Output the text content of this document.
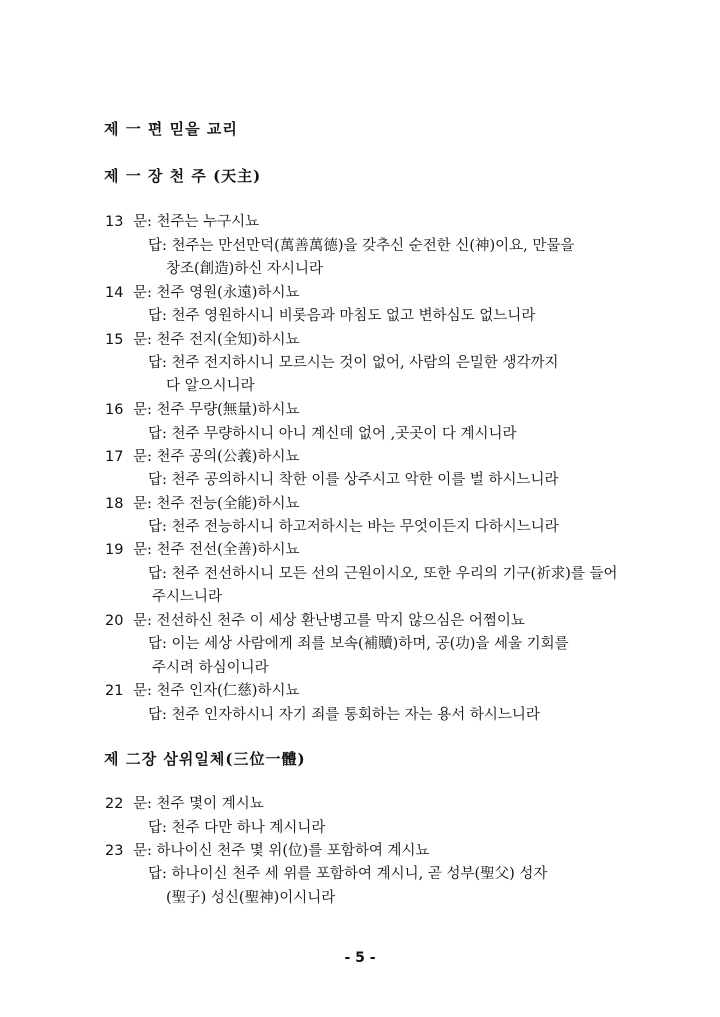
제 一 편 믿을 교리
제 一 장 천 주 (天主)
13 문: 천주는 누구시뇨
답: 천주는 만선만덕(萬善萬德)을 갖추신 순전한 신(神)이요, 만물을
창조(創造)하신 자시니라
14 문: 천주 영원(永遠)하시뇨
답: 천주 영원하시니 비롯음과 마침도 없고 변하심도 없느니라
15 문: 천주 전지(全知)하시뇨
답: 천주 전지하시니 모르시는 것이 없어, 사람의 은밀한 생각까지
다 알으시니라
16 문: 천주 무량(無量)하시뇨
답: 천주 무량하시니 아니 계신데 없어 ,곳곳이 다 계시니라
17 문: 천주 공의(公義)하시뇨
답: 천주 공의하시니 착한 이를 상주시고 악한 이를 벌 하시느니라
18 문: 천주 전능(全能)하시뇨
답: 천주 전능하시니 하고저하시는 바는 무엇이든지 다하시느니라
19 문: 천주 전선(全善)하시뇨
답: 천주 전선하시니 모든 선의 근원이시오, 또한 우리의 기구(祈求)를 들어
주시느니라
20 문: 전선하신 천주 이 세상 환난병고를 막지 않으심은 어쩜이뇨
답: 이는 세상 사람에게 죄를 보속(補贖)하며, 공(功)을 세울 기회를
주시려 하심이니라
21 문: 천주 인자(仁慈)하시뇨
답: 천주 인자하시니 자기 죄를 통회하는 자는 용서 하시느니라
제 二장 삼위일체(三位一體)
22 문: 천주 몇이 계시뇨
답: 천주 다만 하나 계시니라
23 문: 하나이신 천주 몇 위(位)를 포함하여 계시뇨
답: 하나이신 천주 세 위를 포함하여 계시니, 곧 성부(聖父) 성자
(聖子) 성신(聖神)이시니라
- 5 -
